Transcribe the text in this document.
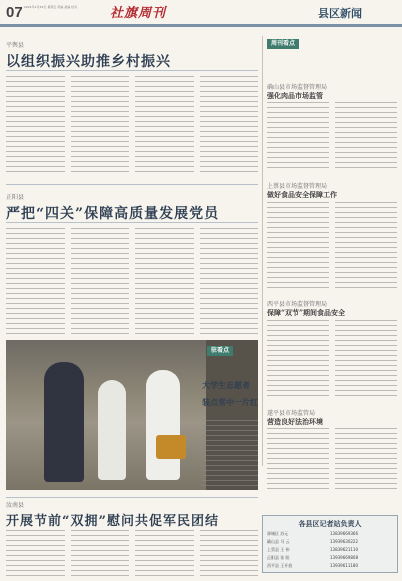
07 2021年1月29日 星期五 责编 美编 校对	社旗周刊	县区新闻
平舆县
以组织振兴助推乡村振兴
正阳县
严把“四关”保障高质量发展党员
驻看点
大学生志愿者
装点雪中一片红
周刊看点
确山县市场监督管理局
强化肉品市场监管
上蔡县市场监督管理局
做好食品安全保障工作
西平县市场监督管理局
保障“双节”期间食品安全
遂平县市场监管局
营造良好法治环境
汝南县
开展节前“双拥”慰问共促军民团结	各县区记者站负责人
驿城区 苏元	13839669366
确山县 马 云	13939630222
上蔡县 王 伟	13839621110
正阳县 张 阳	13939669808
西平县 王开放	13939611180
